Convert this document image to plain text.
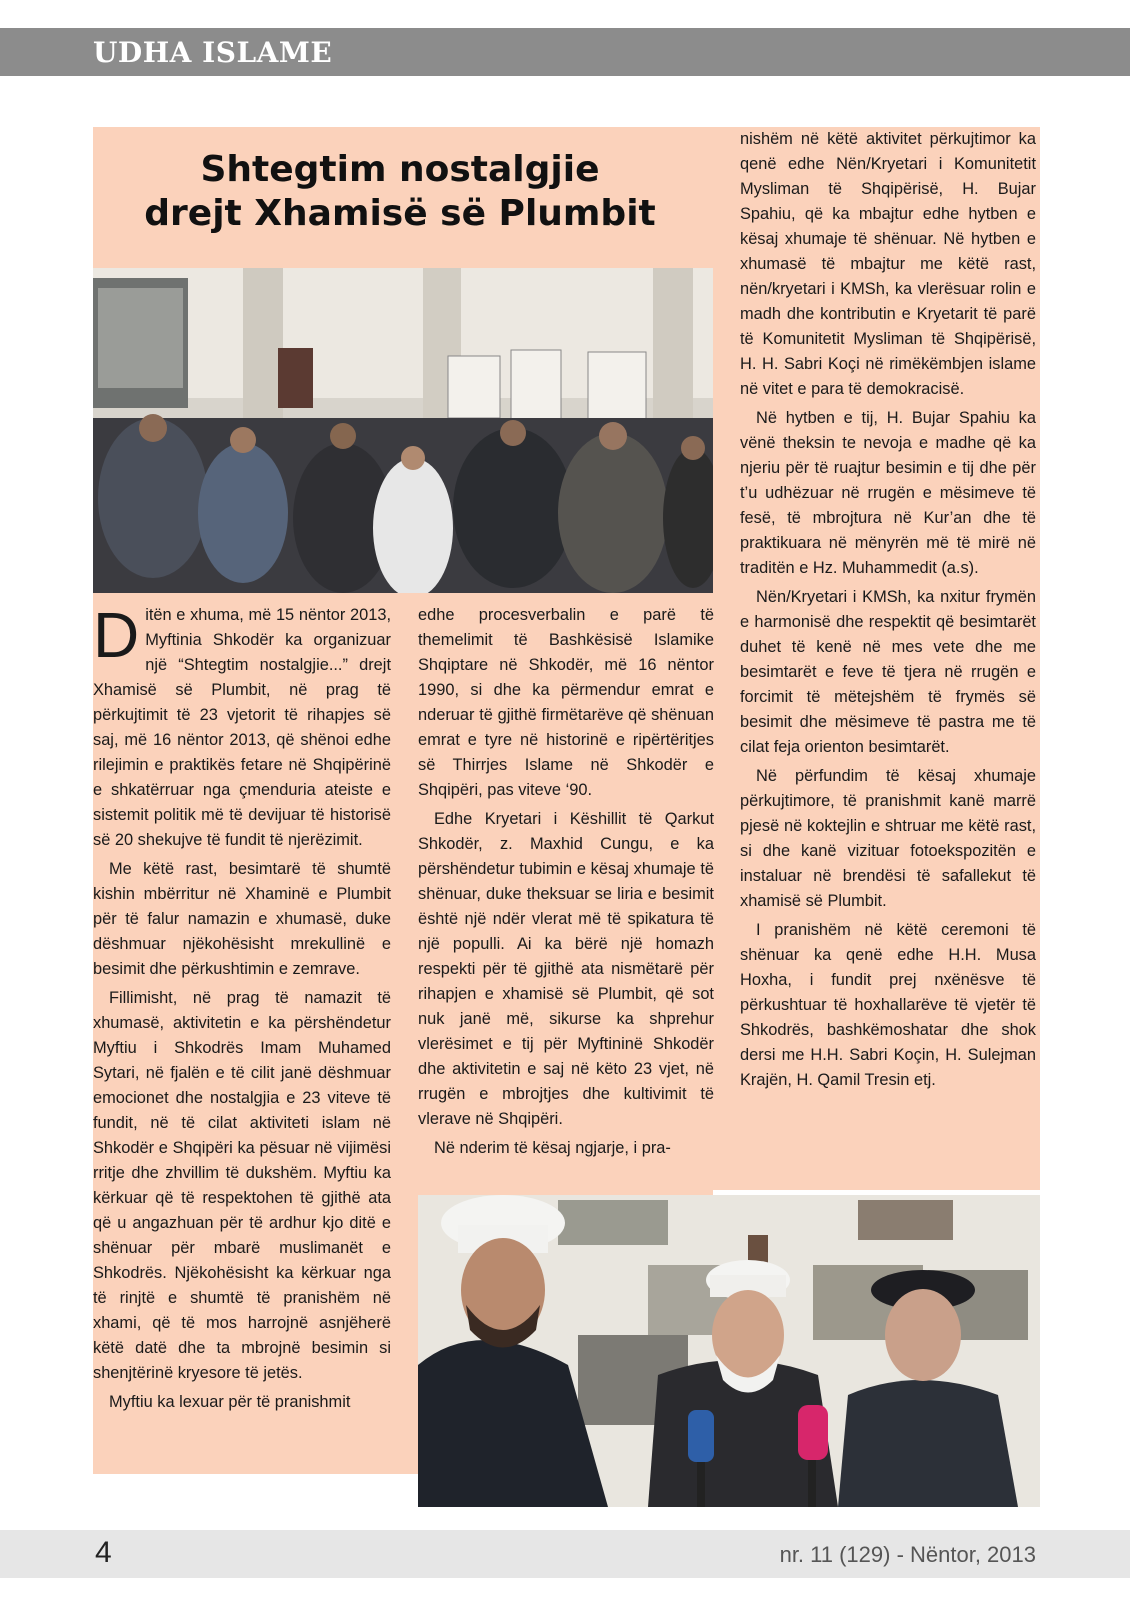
UDHA ISLAME
Shtegtim nostalgjie
drejt Xhamisë së Plumbit

Ditën e xhuma, më 15 nëntor 2013, Myftinia Shkodër ka organizuar një “Shtegtim nostalgjie...” drejt Xhamisë së Plumbit, në prag të përkujtimit të 23 vjetorit të rihapjes së saj, më 16 nëntor 2013, që shënoi edhe rilejimin e praktikës fetare në Shqipërinë e shkatërruar nga çmenduria ateiste e sistemit politik më të devijuar të historisë së 20 shekujve të fundit të njerëzimit.

Me këtë rast, besimtarë të shumtë kishin mbërritur në Xhaminë e Plumbit për të falur namazin e xhumasë, duke dëshmuar njëkohësisht mrekullinë e besimit dhe përkushtimin e zemrave.

Fillimisht, në prag të namazit të xhumasë, aktivitetin e ka përshëndetur Myftiu i Shkodrës Imam Muhamed Sytari, në fjalën e të cilit janë dëshmuar emocionet dhe nostalgjia e 23 viteve të fundit, në të cilat aktiviteti islam në Shkodër e Shqipëri ka pësuar në vijimësi rritje dhe zhvillim të dukshëm. Myftiu ka kërkuar që të respektohen të gjithë ata që u angazhuan për të ardhur kjo ditë e shënuar për mbarë muslimanët e Shkodrës. Njëkohësisht ka kërkuar nga të rinjtë e shumtë të pranishëm në xhami, që të mos harrojnë asnjëherë këtë datë dhe ta mbrojnë besimin si shenjtërinë kryesore të jetës.

Myftiu ka lexuar për të pranishmit

edhe procesverbalin e parë të themelimit të Bashkësisë Islamike Shqiptare në Shkodër, më 16 nëntor 1990, si dhe ka përmendur emrat e nderuar të gjithë firmëtarëve që shënuan emrat e tyre në historinë e ripërtëritjes së Thirrjes Islame në Shkodër e Shqipëri, pas viteve ‘90.

Edhe Kryetari i Këshillit të Qarkut Shkodër, z. Maxhid Cungu, e ka përshëndetur tubimin e kësaj xhumaje të shënuar, duke theksuar se liria e besimit është një ndër vlerat më të spikatura të një populli. Ai ka bërë një homazh respekti për të gjithë ata nismëtarë për rihapjen e xhamisë së Plumbit, që sot nuk janë më, sikurse ka shprehur vlerësimet e tij për Myftininë Shkodër dhe aktivitetin e saj në këto 23 vjet, në rrugën e mbrojtjes dhe kultivimit të vlerave në Shqipëri.

Në nderim të kësaj ngjarje, i pra-

nishëm në këtë aktivitet përkujtimor ka qenë edhe Nën/Kryetari i Komunitetit Mysliman të Shqipërisë, H. Bujar Spahiu, që ka mbajtur edhe hytben e kësaj xhumaje të shënuar. Në hytben e xhumasë të mbajtur me këtë rast, nën/kryetari i KMSh, ka vlerësuar rolin e madh dhe kontributin e Kryetarit të parë të Komunitetit Mysliman të Shqipërisë, H. H. Sabri Koçi në rimëkëmbjen islame në vitet e para të demokracisë.

Në hytben e tij, H. Bujar Spahiu ka vënë theksin te nevoja e madhe që ka njeriu për të ruajtur besimin e tij dhe për t’u udhëzuar në rrugën e mësimeve të fesë, të mbrojtura në Kur’an dhe të praktikuara në mënyrën më të mirë në traditën e Hz. Muhammedit (a.s).

Nën/Kryetari i KMSh, ka nxitur frymën e harmonisë dhe respektit që besimtarët duhet të kenë në mes vete dhe me besimtarët e feve të tjera në rrugën e forcimit të mëtejshëm të frymës së besimit dhe mësimeve të pastra me të cilat feja orienton besimtarët.

Në përfundim të kësaj xhumaje përkujtimore, të pranishmit kanë marrë pjesë në koktejlin e shtruar me këtë rast, si dhe kanë vizituar fotoekspozitën e instaluar në brendësi të safallekut të xhamisë së Plumbit.

I pranishëm në këtë ceremoni të shënuar ka qenë edhe H.H. Musa Hoxha, i fundit prej nxënësve të përkushtuar të hoxhallarëve të vjetër të Shkodrës, bashkëmoshatar dhe shok dersi me H.H. Sabri Koçin, H. Sulejman Krajën, H. Qamil Tresin etj.

4	nr. 11 (129) - Nëntor, 2013
